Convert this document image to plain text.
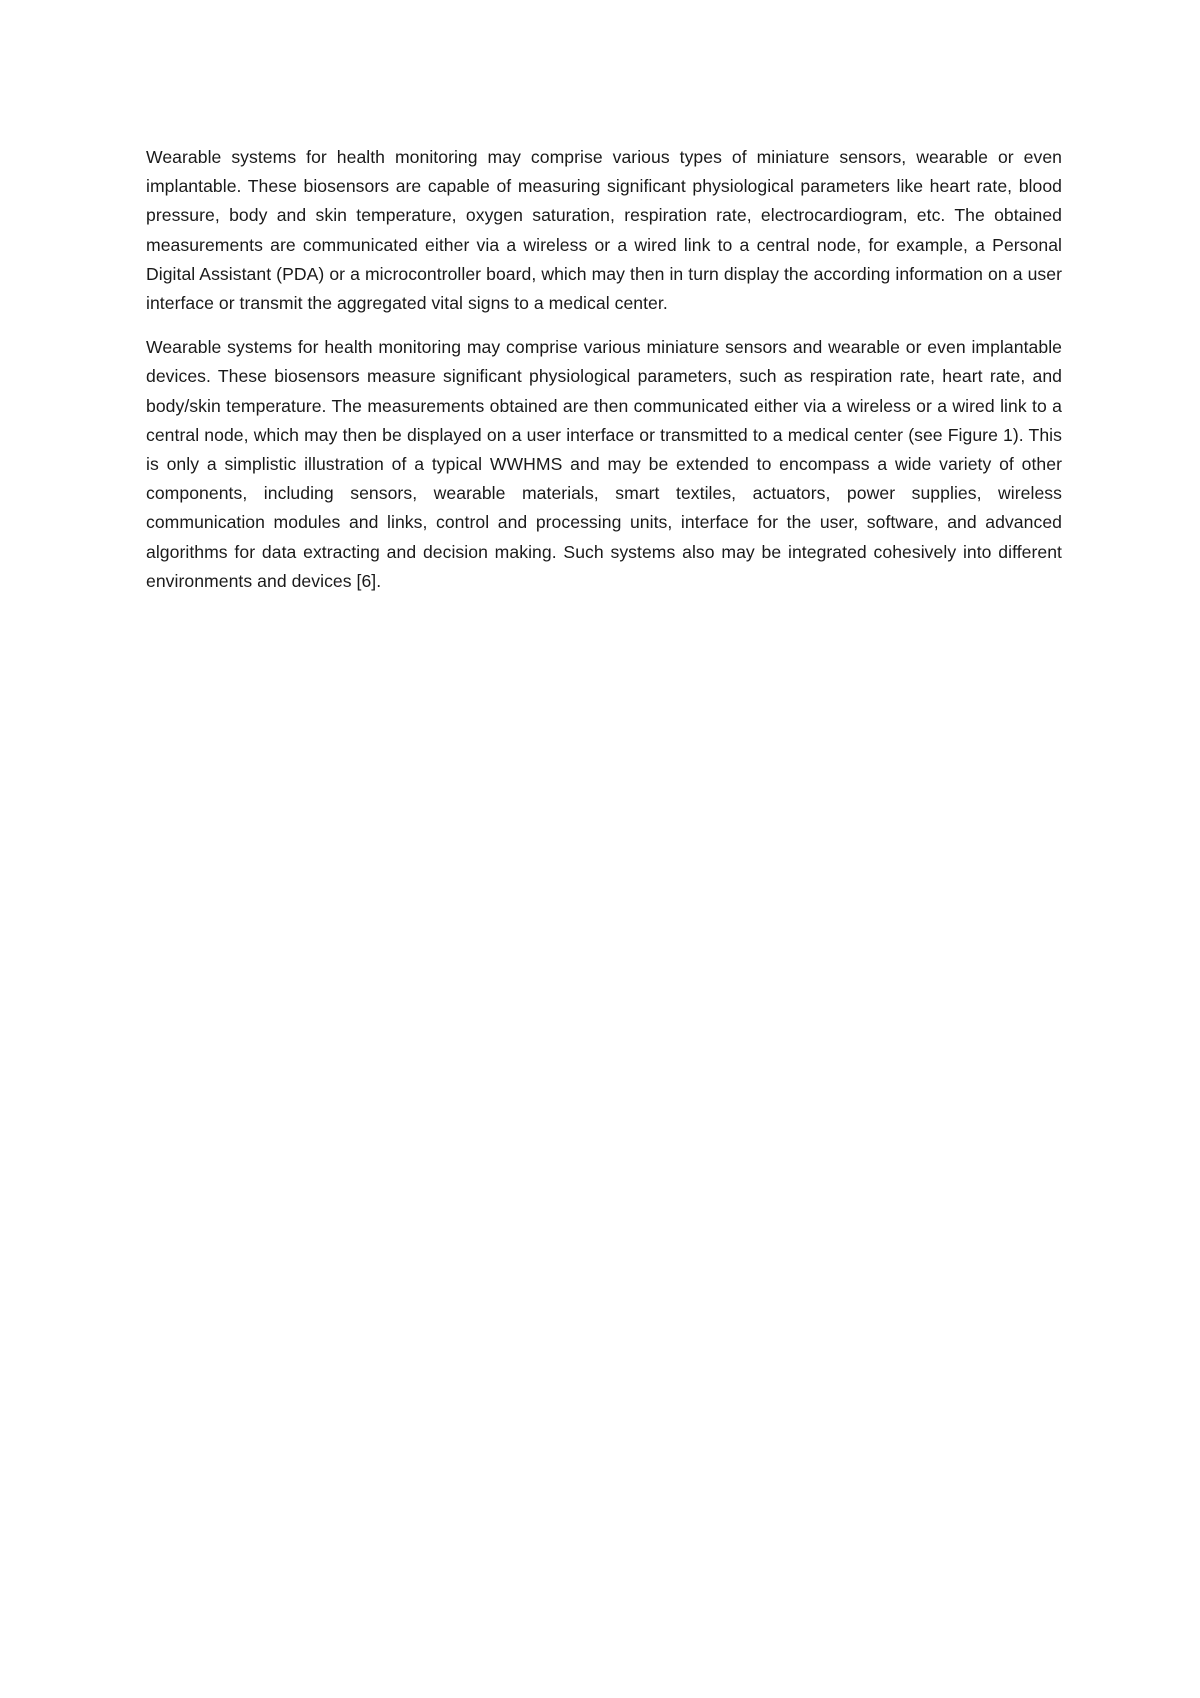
Wearable systems for health monitoring may comprise various types of miniature sensors, wearable or even implantable. These biosensors are capable of measuring significant physiological parameters like heart rate, blood pressure, body and skin temperature, oxygen saturation, respiration rate, electrocardiogram, etc. The obtained measurements are communicated either via a wireless or a wired link to a central node, for example, a Personal Digital Assistant (PDA) or a microcontroller board, which may then in turn display the according information on a user interface or transmit the aggregated vital signs to a medical center.

Wearable systems for health monitoring may comprise various miniature sensors and wearable or even implantable devices. These biosensors measure significant physiological parameters, such as respiration rate, heart rate, and body/skin temperature. The measurements obtained are then communicated either via a wireless or a wired link to a central node, which may then be displayed on a user interface or transmitted to a medical center (see Figure 1). This is only a simplistic illustration of a typical WWHMS and may be extended to encompass a wide variety of other components, including sensors, wearable materials, smart textiles, actuators, power supplies, wireless communication modules and links, control and processing units, interface for the user, software, and advanced algorithms for data extracting and decision making. Such systems also may be integrated cohesively into different environments and devices [6].
